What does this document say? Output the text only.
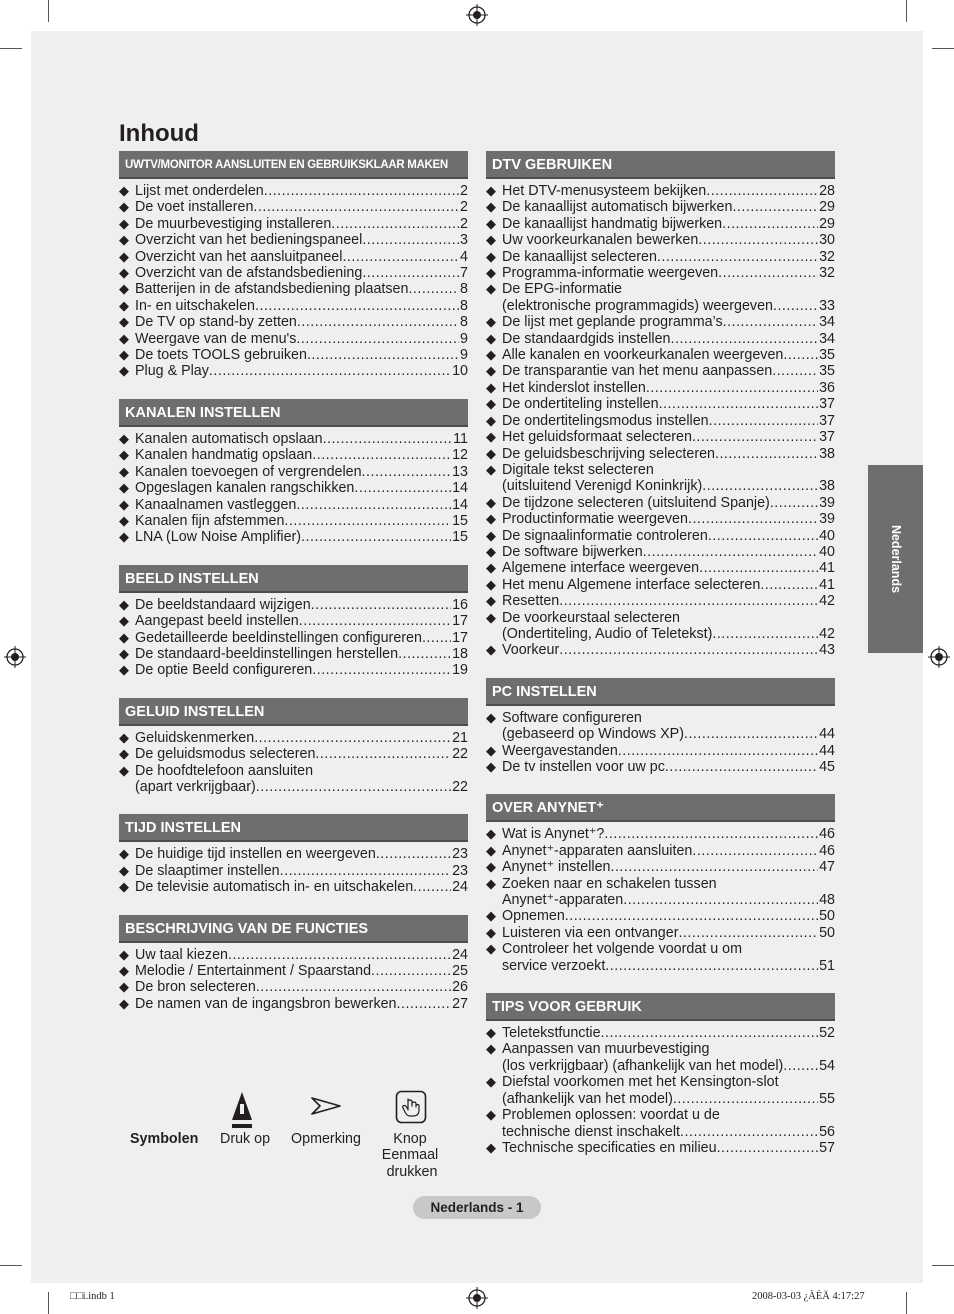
Inhoud
UWTV/MONITOR AANSLUITEN EN GEBRUIKSKLAAR MAKEN
◆ Lijst met onderdelen .....	2
◆ De voet installeren .....	2
◆ De muurbevestiging installeren .....	2
◆ Overzicht van het bedieningspaneel .....	3
◆ Overzicht van het aansluitpaneel .....	4
◆ Overzicht van de afstandsbediening .....	7
◆ Batterijen in de afstandsbediening plaatsen .....	8
◆ In- en uitschakelen .....	8
◆ De TV op stand-by zetten .....	8
◆ Weergave van de menu's .....	9
◆ De toets TOOLS gebruiken .....	9
◆ Plug & Play .....	10
KANALEN INSTELLEN
◆ Kanalen automatisch opslaan .....	11
◆ Kanalen handmatig opslaan .....	12
◆ Kanalen toevoegen of vergrendelen .....	13
◆ Opgeslagen kanalen rangschikken .....	14
◆ Kanaalnamen vastleggen .....	14
◆ Kanalen fijn afstemmen .....	15
◆ LNA (Low Noise Amplifier) .....	15
BEELD INSTELLEN
◆ De beeldstandaard wijzigen .....	16
◆ Aangepast beeld instellen .....	17
◆ Gedetailleerde beeldinstellingen configureren ..... 17
◆ De standaard-beeldinstellingen herstellen .....	18
◆ De optie Beeld configureren .....	19
GELUID INSTELLEN
◆ Geluidskenmerken .....	21
◆ De geluidsmodus selecteren .....	22
◆ De hoofdtelefoon aansluiten
(apart verkrijgbaar) .....	22
TIJD INSTELLEN
◆ De huidige tijd instellen en weergeven .....	23
◆ De slaaptimer instellen .....	23
◆ De televisie automatisch in- en uitschakelen .....	24
BESCHRIJVING VAN DE FUNCTIES
◆ Uw taal kiezen .....	24
◆ Melodie / Entertainment / Spaarstand .....	25
◆ De bron selecteren .....	26
◆ De namen van de ingangsbron bewerken .....	27
DTV GEBRUIKEN
◆ Het DTV-menusysteem bekijken .....	28
◆ De kanaallijst automatisch bijwerken .....	29
◆ De kanaallijst handmatig bijwerken .....	29
◆ Uw voorkeurkanalen bewerken .....	30
◆ De kanaallijst selecteren .....	32
◆ Programma-informatie weergeven .....	32
◆ De EPG-informatie
(elektronische programmagids) weergeven .....	33
◆ De lijst met geplande programma’s .....	34
◆ De standaardgids instellen .....	34
◆ Alle kanalen en voorkeurkanalen weergeven ..... 35
◆ De transparantie van het menu aanpassen .....	35
◆ Het kinderslot instellen .....	36
◆ De ondertiteling instellen .....	37
◆ De ondertitelingsmodus instellen .....	37
◆ Het geluidsformaat selecteren .....	37
◆ De geluidsbeschrijving selecteren .....	38
◆ Digitale tekst selecteren
(uitsluitend Verenigd Koninkrijk) .....	38
◆ De tijdzone selecteren (uitsluitend Spanje) .....	39
◆ Productinformatie weergeven .....	39
◆ De signaalinformatie controleren .....	40
◆ De software bijwerken .....	40
◆ Algemene interface weergeven .....	41
◆ Het menu Algemene interface selecteren .....	41
◆ Resetten .....	42
◆ De voorkeurstaal selecteren
(Ondertiteling, Audio of Teletekst) .....	42
◆ Voorkeur .....	43
PC INSTELLEN
◆ Software configureren
(gebaseerd op Windows XP) .....	44
◆ Weergavestanden .....	44
◆ De tv instellen voor uw pc .....	45
OVER ANYNET⁺
◆ Wat is Anynet⁺? .....	46
◆ Anynet⁺-apparaten aansluiten .....	46
◆ Anynet⁺ instellen .....	47
◆ Zoeken naar en schakelen tussen
Anynet⁺-apparaten .....	48
◆ Opnemen .....	50
◆ Luisteren via een ontvanger .....	50
◆ Controleer het volgende voordat u om
service verzoekt .....	51
TIPS VOOR GEBRUIK
◆ Teletekstfunctie .....	52
◆ Aanpassen van muurbevestiging
(los verkrijgbaar) (afhankelijk van het model) .....	54
◆ Diefstal voorkomen met het Kensington-slot
(afhankelijk van het model) .....	55
◆ Problemen oplossen: voordat u de
technische dienst inschakelt .....	56
◆ Technische specificaties en milieu .....	57
Nederlands
Symbolen Druk op Opmerking	Knop
Eenmaal
drukken
Nederlands - 1
□□i.indb 1	2008-03-03 ¿ÀÈÄ 4:17:27
